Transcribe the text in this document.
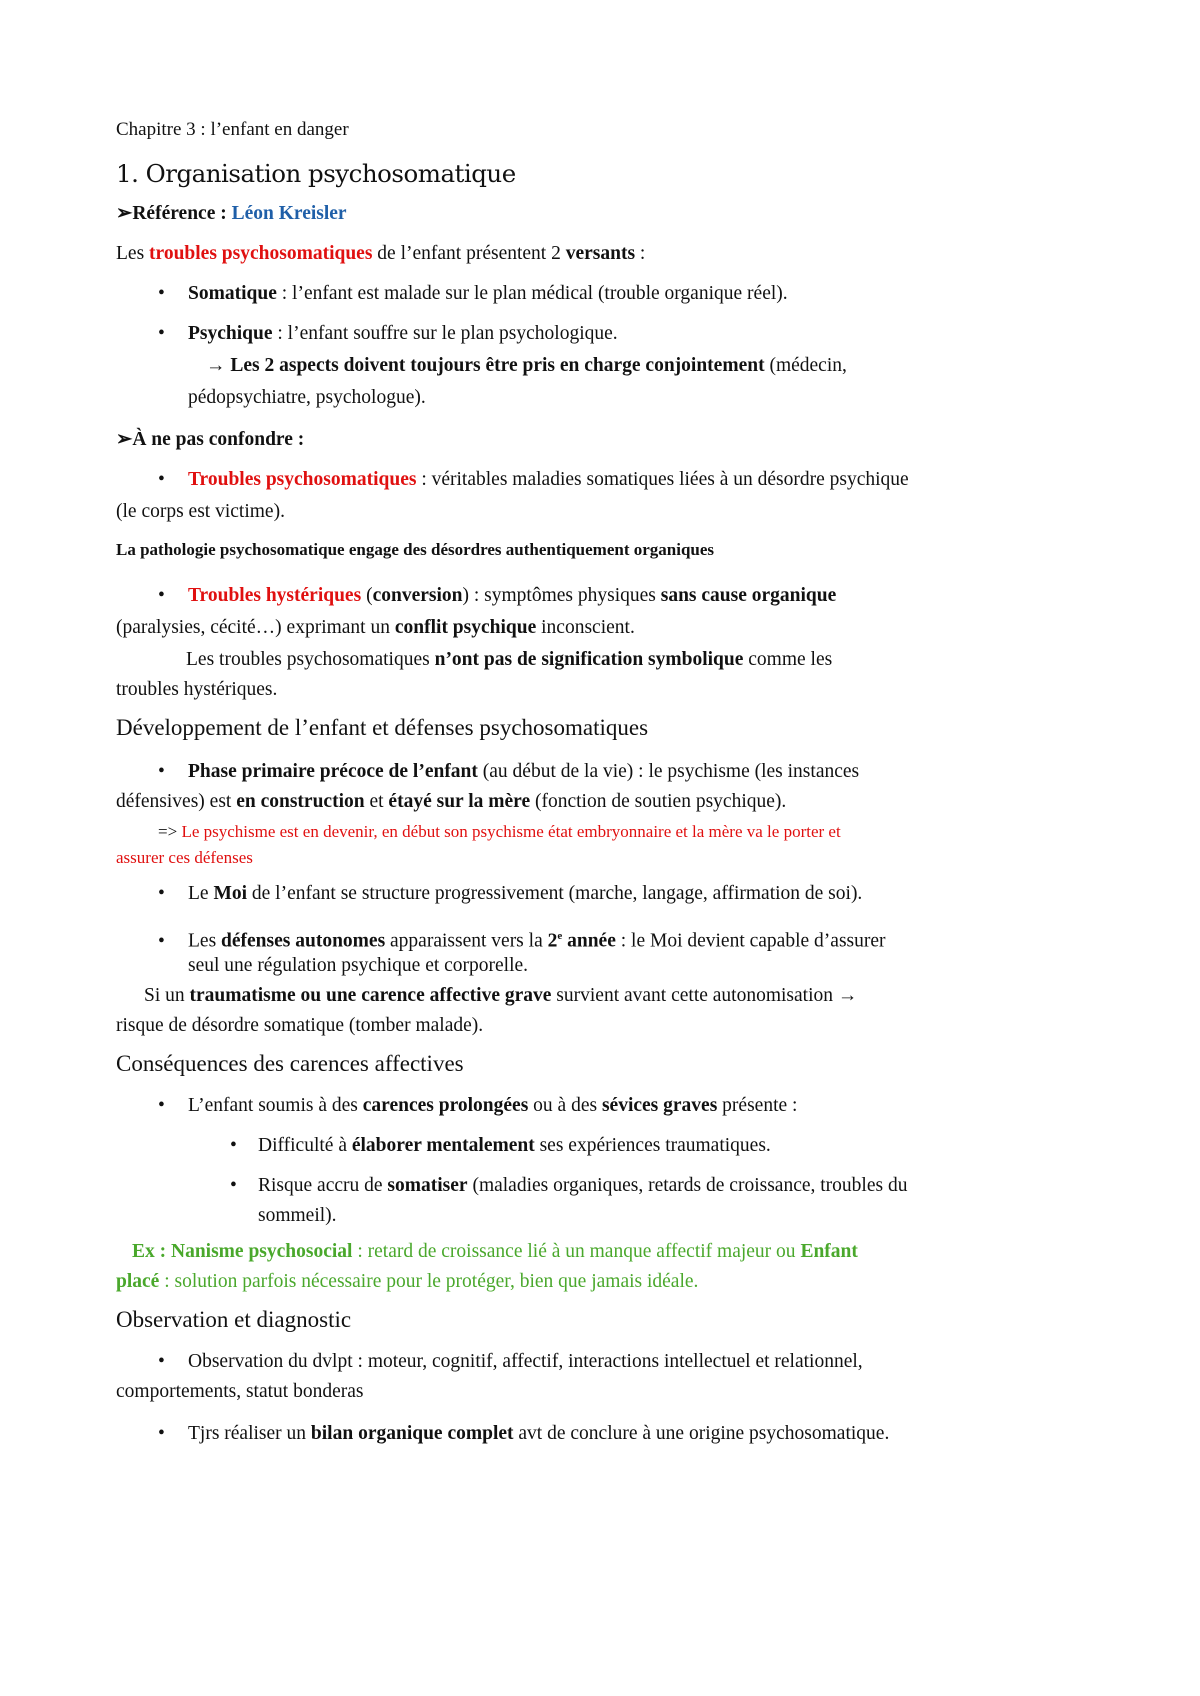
Chapitre 3 : l’enfant en danger
1. Organisation psychosomatique
➢Référence : Léon Kreisler
Les troubles psychosomatiques de l’enfant présentent 2 versants :
• Somatique : l’enfant est malade sur le plan médical (trouble organique réel).
• Psychique : l’enfant souffre sur le plan psychologique.
→ Les 2 aspects doivent toujours être pris en charge conjointement (médecin,
pédopsychiatre, psychologue).
➢À ne pas confondre :
• Troubles psychosomatiques : véritables maladies somatiques liées à un désordre psychique
(le corps est victime).
La pathologie psychosomatique engage des désordres authentiquement organiques
• Troubles hystériques (conversion) : symptômes physiques sans cause organique
(paralysies, cécité…) exprimant un conflit psychique inconscient.
Les troubles psychosomatiques n’ont pas de signification symbolique comme les
troubles hystériques.
Développement de l’enfant et défenses psychosomatiques
• Phase primaire précoce de l’enfant (au début de la vie) : le psychisme (les instances
défensives) est en construction et étayé sur la mère (fonction de soutien psychique).
=> Le psychisme est en devenir, en début son psychisme état embryonnaire et la mère va le porter et
assurer ces défenses
• Le Moi de l’enfant se structure progressivement (marche, langage, affirmation de soi).
• Les défenses autonomes apparaissent vers la 2e année : le Moi devient capable d’assurer
seul une régulation psychique et corporelle.
Si un traumatisme ou une carence affective grave survient avant cette autonomisation →
risque de désordre somatique (tomber malade).
Conséquences des carences affectives
• L’enfant soumis à des carences prolongées ou à des sévices graves présente :
• Difficulté à élaborer mentalement ses expériences traumatiques.
• Risque accru de somatiser (maladies organiques, retards de croissance, troubles du
sommeil).
Ex : Nanisme psychosocial : retard de croissance lié à un manque affectif majeur ou Enfant
placé : solution parfois nécessaire pour le protéger, bien que jamais idéale.
Observation et diagnostic
• Observation du dvlpt : moteur, cognitif, affectif, interactions intellectuel et relationnel,
comportements, statut bonderas
• Tjrs réaliser un bilan organique complet avt de conclure à une origine psychosomatique.
